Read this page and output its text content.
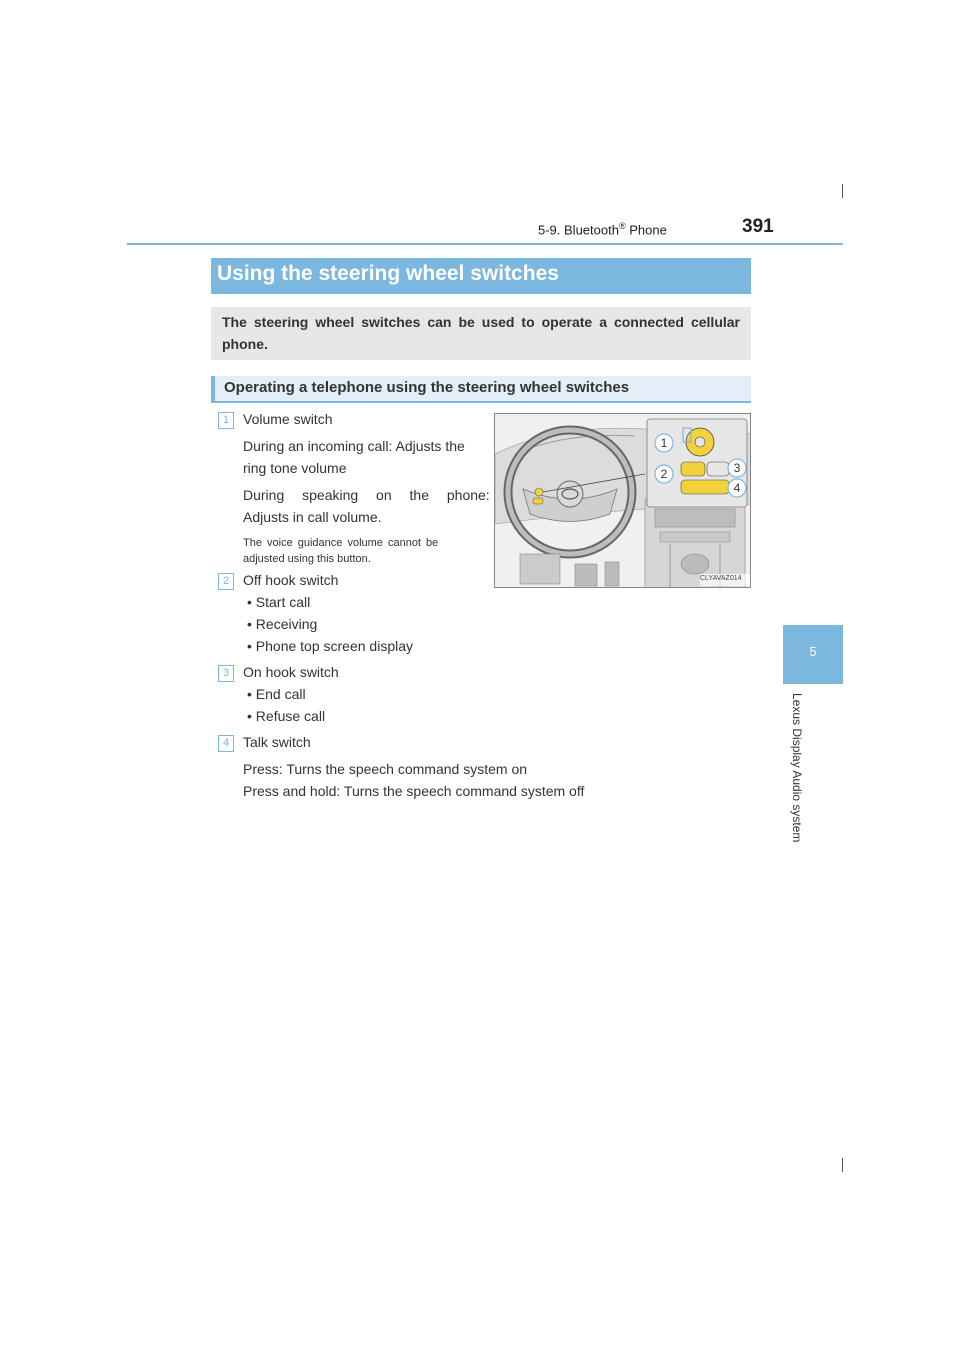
5-9. Bluetooth® Phone	391
5
Lexus Display Audio system
Using the steering wheel switches
The steering wheel switches can be used to operate a connected cellular phone.
Operating a telephone using the steering wheel switches
1
2	3
4
CLYAVAZ014
1 Volume switch
During an incoming call: Adjusts the
ring tone volume
During speaking on the phone:
Adjusts in call volume.
The voice guidance volume cannot be
adjusted using this button.
2 Off hook switch
• Start call
• Receiving
• Phone top screen display
3 On hook switch
• End call
• Refuse call
4 Talk switch
Press: Turns the speech command system on
Press and hold: Turns the speech command system off
